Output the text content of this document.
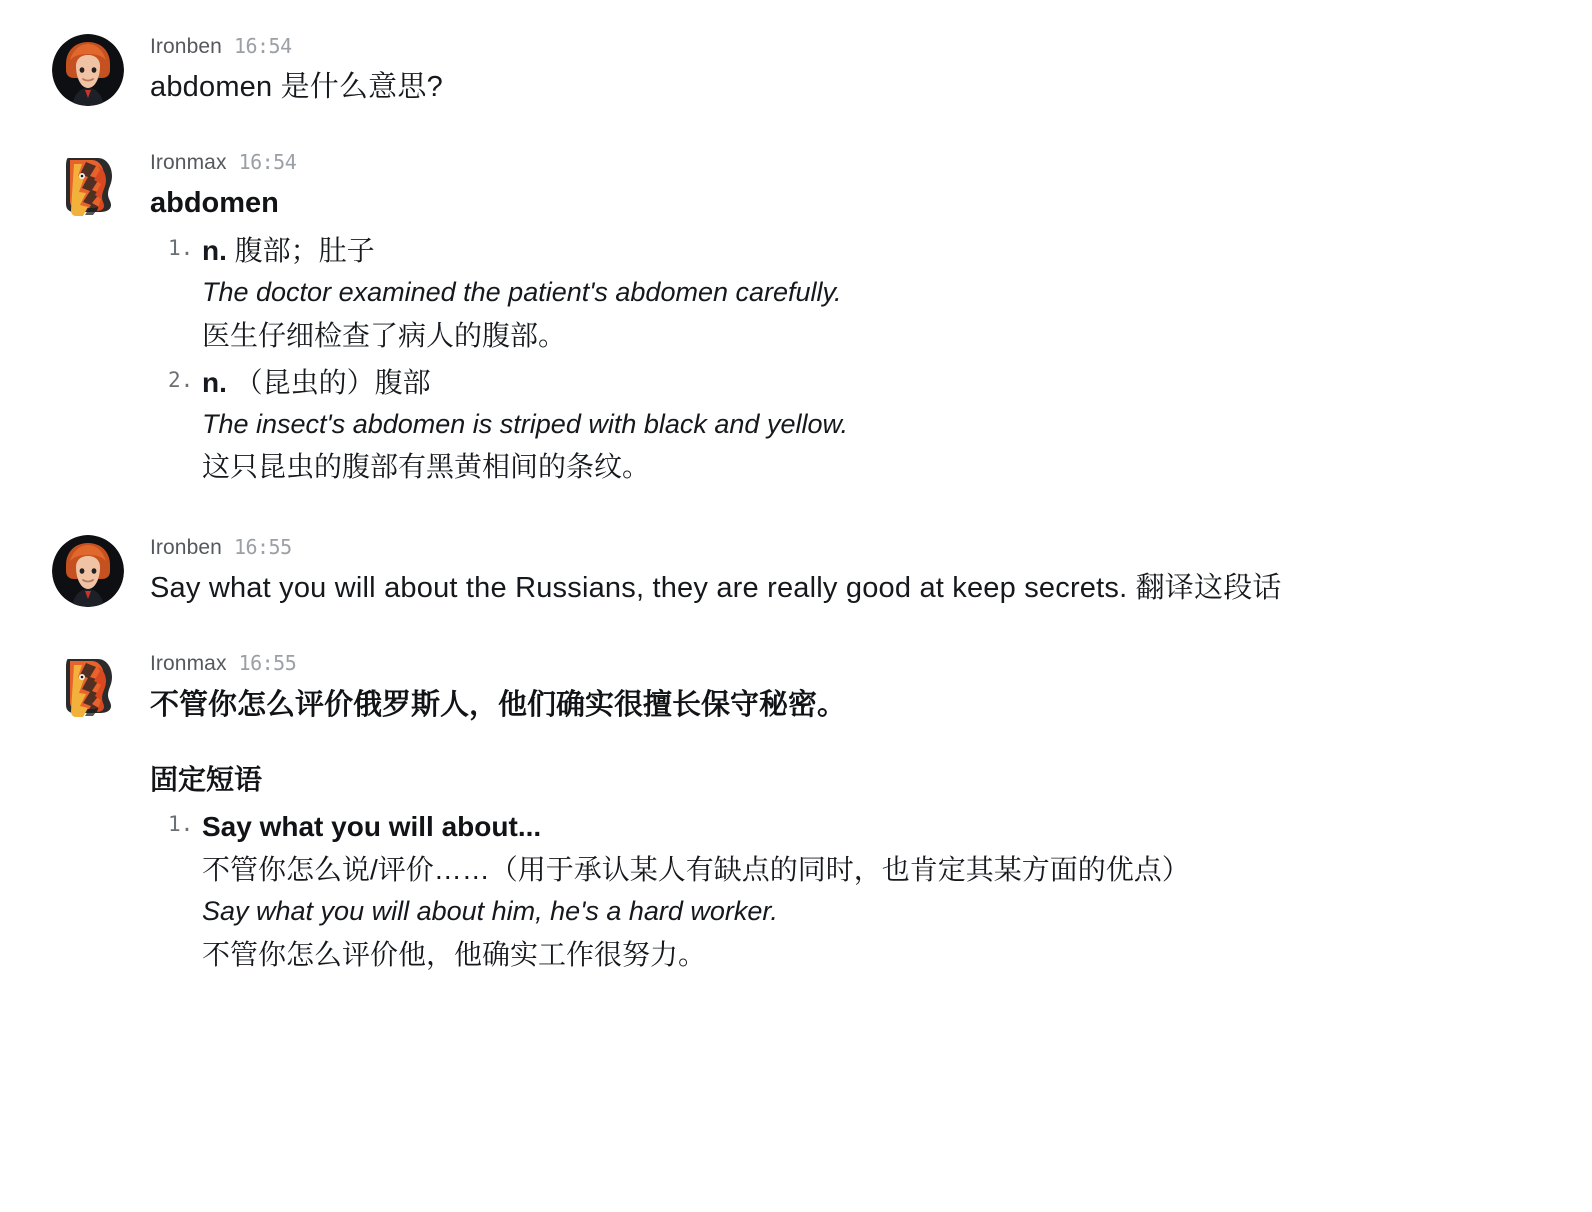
Ironben 16:54
abdomen 是什么意思?
Ironmax 16:54
abdomen
n. 腹部；肚子
The doctor examined the patient's abdomen carefully.
医生仔细检查了病人的腹部。
n. （昆虫的）腹部
The insect's abdomen is striped with black and yellow.
这只昆虫的腹部有黑黄相间的条纹。
Ironben 16:55
Say what you will about the Russians, they are really good at keep secrets. 翻译这段话
Ironmax 16:55
不管你怎么评价俄罗斯人，他们确实很擅长保守秘密。
固定短语
Say what you will about...
不管你怎么说/评价……（用于承认某人有缺点的同时，也肯定其某方面的优点）
Say what you will about him, he's a hard worker.
不管你怎么评价他，他确实工作很努力。
